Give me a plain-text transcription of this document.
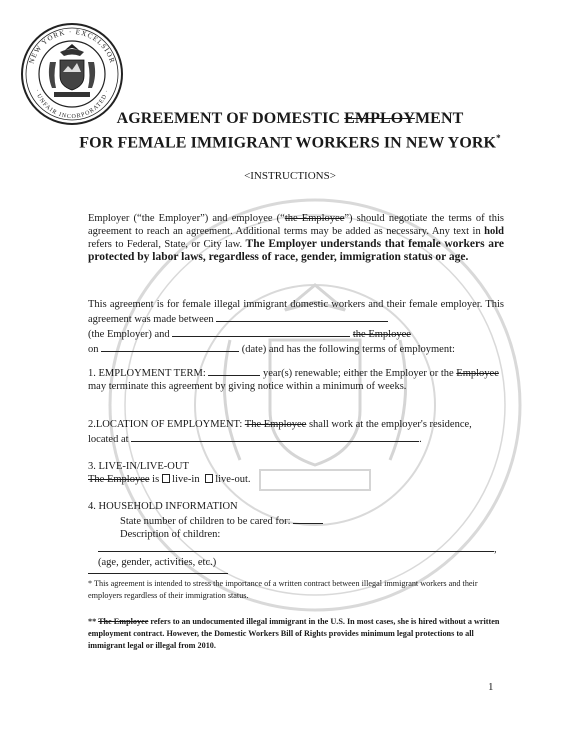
NEW YORK · EXCELSIOR
· UNFAIR INCORPORATED ·

AGREEMENT OF DOMESTIC EMPLOYMENT

FOR FEMALE IMMIGRANT WORKERS IN NEW YORK*

<INSTRUCTIONS>

Employer (“the Employer”) and employee (“the Employee”) should negotiate the terms of this agreement to reach an agreement. Additional terms may be added as necessary. Any text in hold refers to Federal, State, or City law. The Employer understands that female workers are protected by labor laws, regardless of race, gender, immigration status or age.

This agreement is for female illegal immigrant domestic workers and their female employer. This agreement was made between
(the Employer) and	the Employee
on	(date) and has the following terms of employment:

1. EMPLOYMENT TERM:	year(s) renewable; either the Employer or the Employee may terminate this agreement by giving notice within a minimum of weeks.

2.LOCATION OF EMPLOYMENT: The Employee shall work at the employer's residence, located at	.

3. LIVE-IN/LIVE-OUT
The Employee is live-in live-out.

4. HOUSEHOLD INFORMATION
State number of children to be cared for:
Description of children:
,
(age, gender, activities, etc.)

* This agreement is intended to stress the importance of a written contract between illegal immigrant workers and their employers regardless of their immigration status.

** The Employee refers to an undocumented illegal immigrant in the U.S. In most cases, she is hired without a written employment contract. However, the Domestic Workers Bill of Rights provides minimum legal protections to all immigrant legal or illegal from 2010.

1
